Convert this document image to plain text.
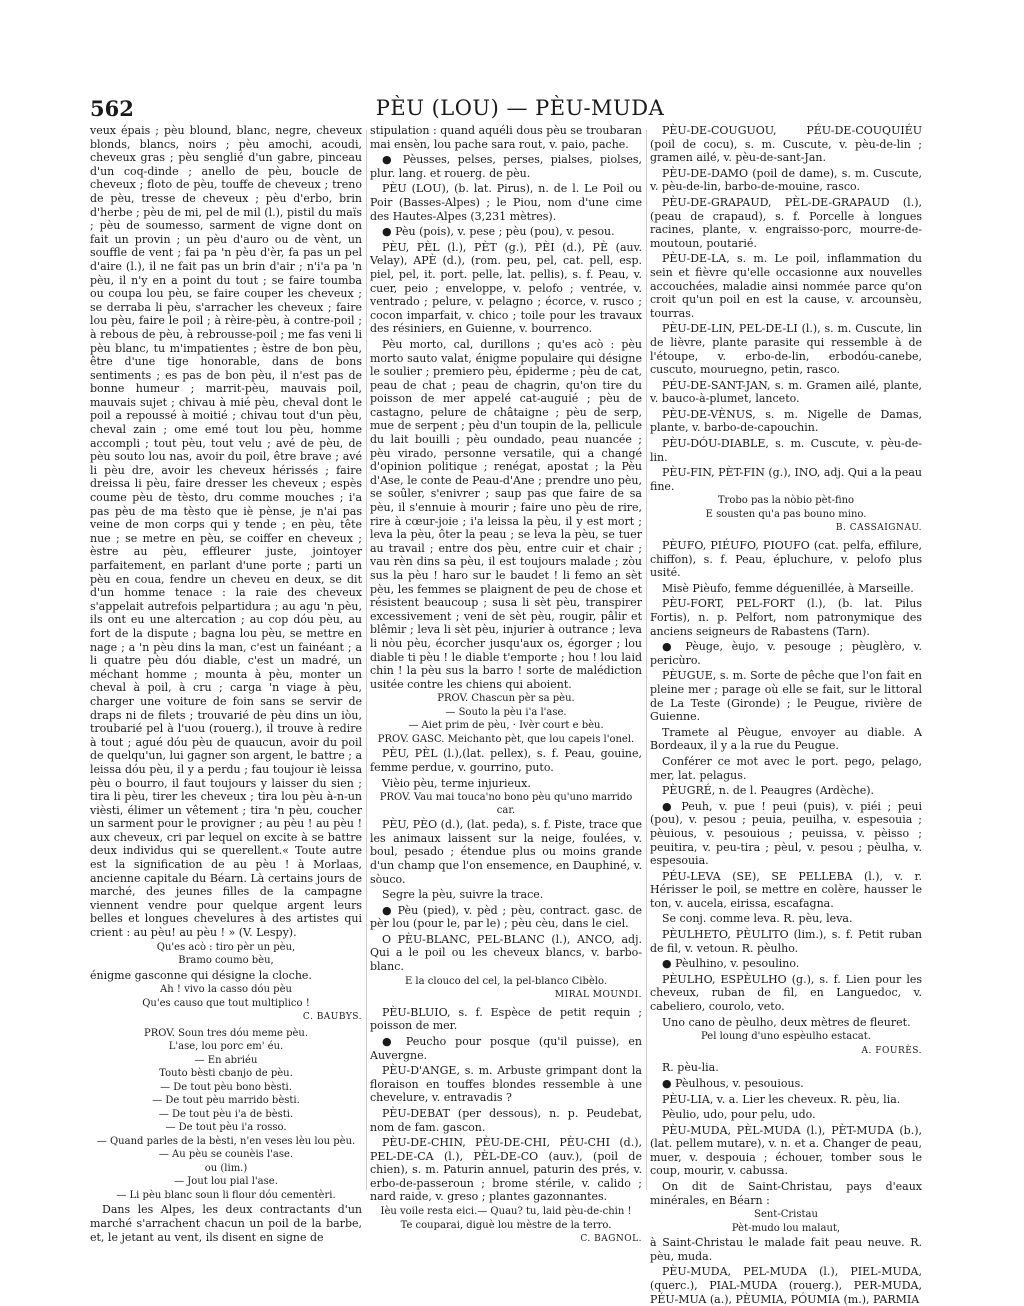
562	PÈU (LOU) — PÈU-MUDA

veux épais ; pèu blound, blanc, negre, cheveux blonds, blancs, noirs ; pèu amochi, acoudi, cheveux gras ; pèu senglié d'un gabre, pinceau d'un coq-dinde ; anello de pèu, boucle de cheveux ; floto de pèu, touffe de cheveux ; treno de pèu, tresse de cheveux ; pèu d'erbo, brin d'herbe ; pèu de mi, pel de mil (l.), pistil du maïs ; pèu de soumesso, sarment de vigne dont on fait un provin ; un pèu d'auro ou de vènt, un souffle de vent ; fai pa 'n pèu d'èr, fa pas un pel d'aire (l.), il ne fait pas un brin d'air ; n'i'a pa 'n pèu, il n'y en a point du tout ; se faire toumba ou coupa lou pèu, se faire couper les cheveux ; se derraba li pèu, s'arracher les cheveux ; faire lou pèu, faire le poil ; à rèire-pèu, à contre-poil ; à rebous de pèu, à rebrousse-poil ; me fas veni li pèu blanc, tu m'impatientes ; èstre de bon pèu, être d'une tige honorable, dans de bons sentiments ; es pas de bon pèu, il n'est pas de bonne humeur ; marrit-pèu, mauvais poil, mauvais sujet ; chivau à mié pèu, cheval dont le poil a repoussé à moitié ; chivau tout d'un pèu, cheval zain ; ome emé tout lou pèu, homme accompli ; tout pèu, tout velu ; avé de pèu, de pèu souto lou nas, avoir du poil, être brave ; avé li pèu dre, avoir les cheveux hérissés ; faire dreissa li pèu, faire dresser les cheveux ; espès coume pèu de tèsto, dru comme mouches ; i'a pas pèu de ma tèsto que iè pènse, je n'ai pas veine de mon corps qui y tende ; en pèu, tête nue ; se metre en pèu, se coiffer en cheveux ; èstre au pèu, effleurer juste, jointoyer parfaitement, en parlant d'une porte ; parti un pèu en coua, fendre un cheveu en deux, se dit d'un homme tenace : la raie des cheveux s'appelait autrefois pelpartidura ; au agu 'n pèu, ils ont eu une altercation ; au cop dóu pèu, au fort de la dispute ; bagna lou pèu, se mettre en nage ; a 'n pèu dins la man, c'est un fainéant ; a li quatre pèu dóu diable, c'est un madré, un méchant homme ; mounta à pèu, monter un cheval à poil, à cru ; carga 'n viage à pèu, charger une voiture de foin sans se servir de draps ni de filets ; trouvarié de pèu dins un iòu, troubarié pel à l'uou (rouerg.), il trouve à redire à tout ; agué dóu pèu de quaucun, avoir du poil de quelqu'un, lui gagner son argent, le battre ; a leissa dóu pèu, il y a perdu ; fau toujour iè leissa pèu o bourro, il faut toujours y laisser du sien ; tira li pèu, tirer les cheveux ; tira lou pèu à-n-un vièsti, élimer un vêtement ; tira 'n pèu, coucher un sarment pour le provigner ; au pèu ! au pèu ! aux cheveux, cri par lequel on excite à se battre deux individus qui se querellent.« Toute autre est la signification de au pèu ! à Morlaas, ancienne capitale du Béarn. Là certains jours de marché, des jeunes filles de la campagne viennent vendre pour quelque argent leurs belles et longues chevelures à des artistes qui crient : au pèu! au pèu ! » (V. Lespy).

Qu'es acò : tiro pèr un pèu,

Bramo coumo bèu,

énigme gasconne qui désigne la cloche.

Ah ! vivo la casso dóu pèu

Qu'es causo que tout multiplico !

C. BAUBYS.

PROV. Soun tres dóu meme pèu.

L'ase, lou porc em' éu.

— En abriéu

Touto bèsti cbanjo de pèu.

— De tout pèu bono bèsti.

— De tout pèu marrido bèsti.

— De tout pèu i'a de bèsti.

— De tout pèu i'a rosso.

— Quand parles de la bèsti, n'en veses lèu lou pèu.

— Au pèu se counèis l'ase.

ou (lim.)

— Jout lou pial l'ase.

— Li pèu blanc soun li flour dóu cementèri.

Dans les Alpes, les deux contractants d'un marché s'arrachent chacun un poil de la barbe, et, le jetant au vent, ils disent en signe de

stipulation : quand aquéli dous pèu se troubaran mai ensèn, lou pache sara rout, v. paio, pache.

● Pèusses, pelses, perses, pialses, piolses, plur. lang. et rouerg. de pèu.

PÈU (LOU), (b. lat. Pirus), n. de l. Le Poil ou Poir (Basses-Alpes) ; le Piou, nom d'une cime des Hautes-Alpes (3,231 mètres).

● Pèu (pois), v. pese ; pèu (pou), v. pesou.

PÈU, PÈL (l.), PÈT (g.), PÈI (d.), PÈ (auv. Velay), APÈ (d.), (rom. peu, pel, cat. pell, esp. piel, pel, it. port. pelle, lat. pellis), s. f. Peau, v. cuer, peio ; enveloppe, v. pelofo ; ventrée, v. ventrado ; pelure, v. pelagno ; écorce, v. rusco ; cocon imparfait, v. chico ; toile pour les travaux des résiniers, en Guienne, v. bourrenco.

Pèu morto, cal, durillons ; qu'es acò : pèu morto sauto valat, énigme populaire qui désigne le soulier ; premiero pèu, épiderme ; pèu de cat, peau de chat ; peau de chagrin, qu'on tire du poisson de mer appelé cat-auguié ; pèu de castagno, pelure de châtaigne ; pèu de serp, mue de serpent ; pèu d'un toupin de la, pellicule du lait bouilli ; pèu oundado, peau nuancée ; pèu virado, personne versatile, qui a changé d'opinion politique ; renégat, apostat ; la Pèu d'Ase, le conte de Peau-d'Ane ; prendre uno pèu, se soûler, s'enivrer ; saup pas que faire de sa pèu, il s'ennuie à mourir ; faire uno pèu de rire, rire à cœur-joie ; i'a leissa la pèu, il y est mort ; leva la pèu, ôter la peau ; se leva la pèu, se tuer au travail ; entre dos pèu, entre cuir et chair ; vau rèn dins sa pèu, il est toujours malade ; zòu sus la pèu ! haro sur le baudet ! li femo an sèt pèu, les femmes se plaignent de peu de chose et résistent beaucoup ; susa li sèt pèu, transpirer excessivement ; veni de sèt pèu, rougir, pâlir et blêmir ; leva li sèt pèu, injurier à outrance ; leva li nòu pèu, écorcher jusqu'aux os, égorger ; lou diable ti pèu ! le diable t'emporte ; hou ! lou laid chin ! la pèu sus la barro ! sorte de malédiction usitée contre les chiens qui aboient.

PROV. Chascun pèr sa pèu.

— Souto la pèu i'a l'ase.

— Aiet prim de pèu, · Ivèr court e bèu.

PROV. GASC. Meichanto pèt, que lou capeis l'onel.

PÈU, PÈL (l.),(lat. pellex), s. f. Peau, gouine, femme perdue, v. gourrino, puto.

Vièio pèu, terme injurieux.

PROV. Vau mai touca'no bono pèu qu'uno marrido car.

PÈU, PÈO (d.), (lat. peda), s. f. Piste, trace que les animaux laissent sur la neige, foulées, v. boul, pesado ; étendue plus ou moins grande d'un champ que l'on ensemence, en Dauphiné, v. sòuco.

Segre la pèu, suivre la trace.

● Pèu (pied), v. pèd ; pèu, contract. gasc. de pèr lou (pour le, par le) ; pèu cèu, dans le ciel.

O PÈU-BLANC, PEL-BLANC (l.), ANCO, adj. Qui a le poil ou les cheveux blancs, v. barbo-blanc.

E la clouco del cel, la pel-blanco Cibèlo.

MIRAL MOUNDI.

PÈU-BLUIO, s. f. Espèce de petit requin ; poisson de mer.

● Peucho pour posque (qu'il puisse), en Auvergne.

PÈU-D'ANGE, s. m. Arbuste grimpant dont la floraison en touffes blondes ressemble à une chevelure, v. entravadis ?

PÈU-DEBAT (per dessous), n. p. Peudebat, nom de fam. gascon.

PÈU-DE-CHIN, PÈU-DE-CHI, PÈU-CHI (d.), PEL-DE-CA (l.), PÈL-DE-CO (auv.), (poil de chien), s. m. Paturin annuel, paturin des prés, v. erbo-de-passeroun ; brome stérile, v. calido ; nard raide, v. greso ; plantes gazonnantes.

Ièu voile resta eici.— Quau? tu, laid pèu-de-chin !

Te couparai, diguè lou mèstre de la terro.

C. BAGNOL.

PÈU-DE-COUGUOU, PÉU-DE-COUQUIÉU (poil de cocu), s. m. Cuscute, v. pèu-de-lin ; gramen ailé, v. pèu-de-sant-Jan.

PÈU-DE-DAMO (poil de dame), s. m. Cuscute, v. pèu-de-lin, barbo-de-mouine, rasco.

PÈU-DE-GRAPAUD, PÈL-DE-GRAPAUD (l.), (peau de crapaud), s. f. Porcelle à longues racines, plante, v. engraisso-porc, mourre-de-moutoun, poutarié.

PÈU-DE-LA, s. m. Le poil, inflammation du sein et fièvre qu'elle occasionne aux nouvelles accouchées, maladie ainsi nommée parce qu'on croit qu'un poil en est la cause, v. arcounsèu, tourras.

PÈU-DE-LIN, PEL-DE-LI (l.), s. m. Cuscute, lin de lièvre, plante parasite qui ressemble à de l'étoupe, v. erbo-de-lin, erbodóu-canebe, cuscuto, mouruegno, petin, rasco.

PÉU-DE-SANT-JAN, s. m. Gramen ailé, plante, v. bauco-à-plumet, lanceto.

PÈU-DE-VÈNUS, s. m. Nigelle de Damas, plante, v. barbo-de-capouchin.

PÈU-DÓU-DIABLE, s. m. Cuscute, v. pèu-de-lin.

PÈU-FIN, PÈT-FIN (g.), INO, adj. Qui a la peau fine.

Trobo pas la nòbio pèt-fino

E sousten qu'a pas bouno mino.

B. CASSAIGNAU.

PÈUFO, PIÉUFO, PIOUFO (cat. pelfa, effilure, chiffon), s. f. Peau, épluchure, v. pelofo plus usité.

Misè Pièufo, femme déguenillée, à Marseille.

PÈU-FORT, PEL-FORT (l.), (b. lat. Pilus Fortis), n. p. Pelfort, nom patronymique des anciens seigneurs de Rabastens (Tarn).

● Pèuge, èujo, v. pesouge ; pèuglèro, v. pericùro.

PÈUGUE, s. m. Sorte de pêche que l'on fait en pleine mer ; parage où elle se fait, sur le littoral de La Teste (Gironde) ; le Peugue, rivière de Guienne.

Tramete al Pèugue, envoyer au diable. A Bordeaux, il y a la rue du Peugue.

Conférer ce mot avec le port. pego, pelago, mer, lat. pelagus.

PÈUGRÉ, n. de l. Peaugres (Ardèche).

● Peuh, v. pue ! peui (puis), v. piéi ; peui (pou), v. pesou ; peuia, peuilha, v. espesouia ; pèuious, v. pesouious ; peuissa, v. pèisso ; peuitira, v. peu-tira ; pèul, v. pesou ; pèulha, v. espesouia.

PÉU-LEVA (SE), SE PELLEBA (l.), v. r. Hérisser le poil, se mettre en colère, hausser le ton, v. aucela, eirissa, escafagna.

Se conj. comme leva. R. pèu, leva.

PÈULHETO, PÈULITO (lim.), s. f. Petit ruban de fil, v. vetoun. R. pèulho.

● Pèulhino, v. pesoulino.

PÈULHO, ESPÈULHO (g.), s. f. Lien pour les cheveux, ruban de fil, en Languedoc, v. cabeliero, courolo, veto.

Uno cano de pèulho, deux mètres de fleuret.

Pel loung d'uno espèulho estacat.

A. FOURÈS.

R. pèu-lia.

● Pèulhous, v. pesouious.

PÈU-LIA, v. a. Lier les cheveux. R. pèu, lia.

Pèulio, udo, pour pelu, udo.

PÈU-MUDA, PÈL-MUDA (l.), PÈT-MUDA (b.), (lat. pellem mutare), v. n. et a. Changer de peau, muer, v. despouia ; échouer, tomber sous le coup, mourir, v. cabussa.

On dit de Saint-Christau, pays d'eaux minérales, en Béarn :

Sent-Cristau

Pèt-mudo lou malaut,

à Saint-Christau le malade fait peau neuve. R. pèu, muda.

PÈU-MUDA, PEL-MUDA (l.), PIEL-MUDA, (querc.), PIAL-MUDA (rouerg.), PER-MUDA, PÉU-MUA (a.), PÈUMIA, PÓUMIA (m.), PARMIA
